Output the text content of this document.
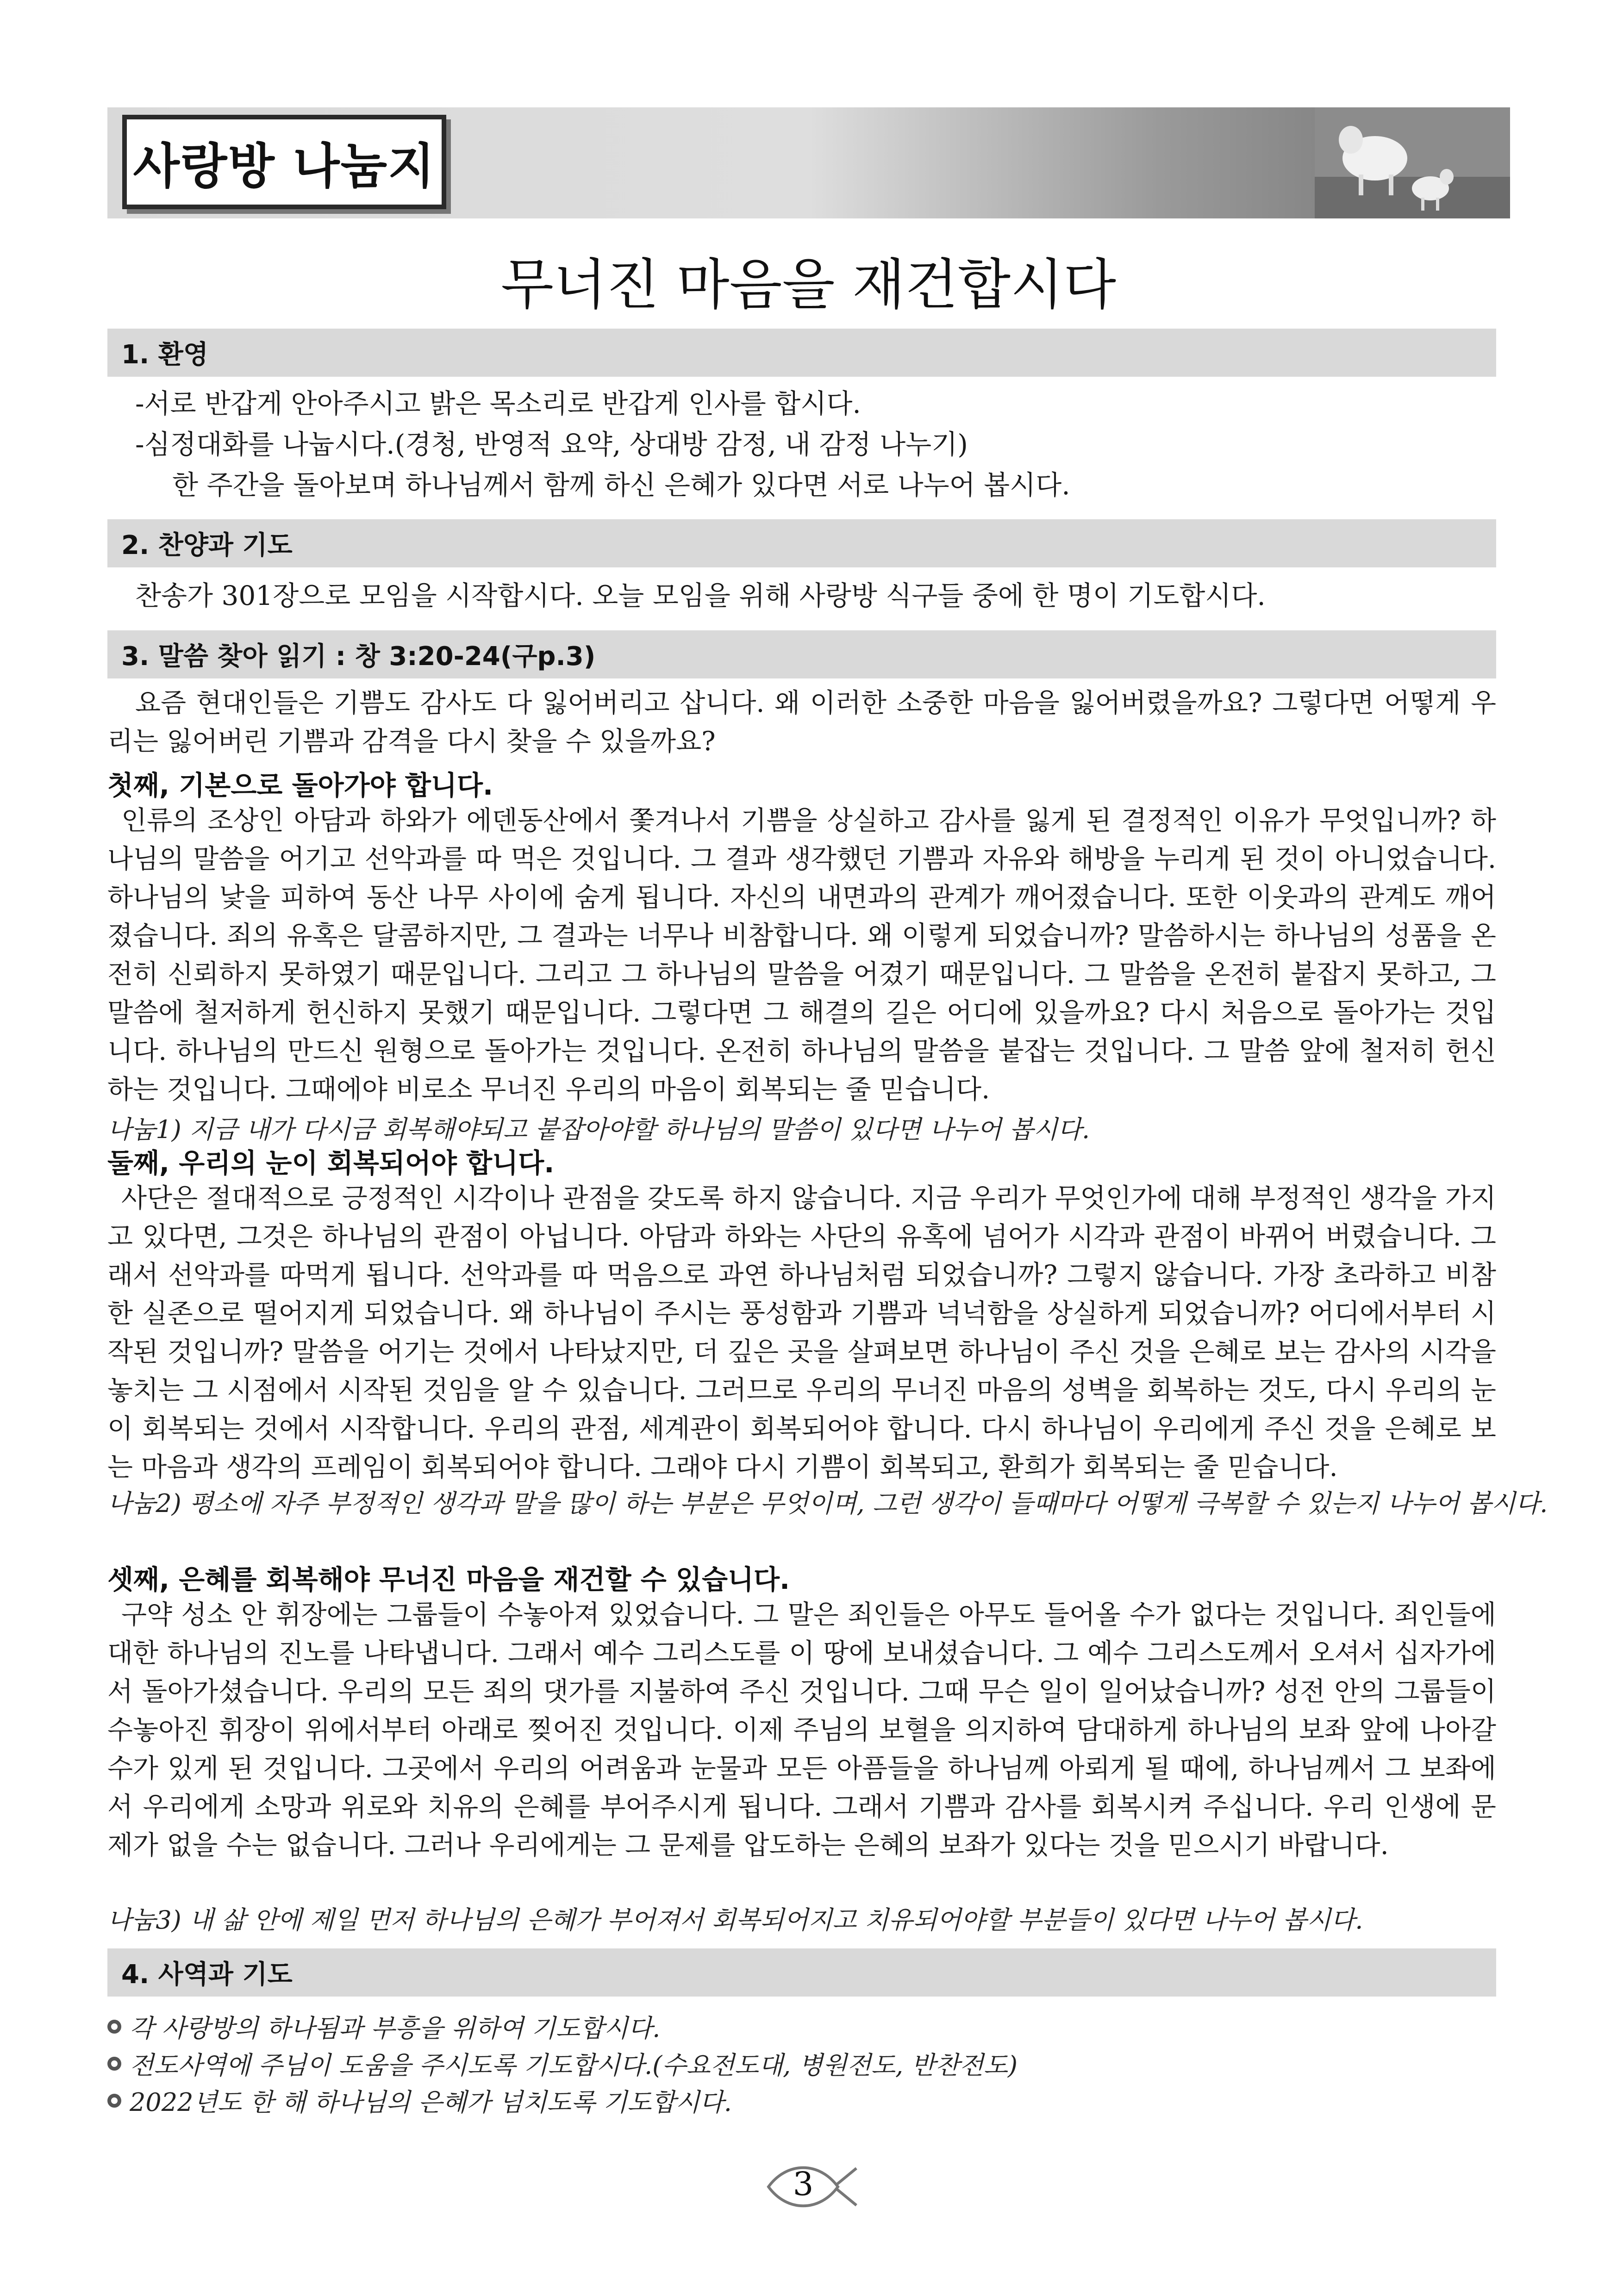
사랑방 나눔지
무너진 마음을 재건합시다
1. 환영

-서로 반갑게 안아주시고 밝은 목소리로 반갑게 인사를 합시다.

-심정대화를 나눕시다.(경청, 반영적 요약, 상대방 감정, 내 감정 나누기)

한 주간을 돌아보며 하나님께서 함께 하신 은혜가 있다면 서로 나누어 봅시다.

2. 찬양과 기도

찬송가 301장으로 모임을 시작합시다. 오늘 모임을 위해 사랑방 식구들 중에 한 명이 기도합시다.

3. 말씀 찾아 읽기 : 창 3:20-24(구p.3)

요즘 현대인들은 기쁨도 감사도 다 잃어버리고 삽니다. 왜 이러한 소중한 마음을 잃어버렸을까요? 그렇다면 어떻게 우리는 잃어버린 기쁨과 감격을 다시 찾을 수 있을까요?

첫째, 기본으로 돌아가야 합니다.

인류의 조상인 아담과 하와가 에덴동산에서 쫓겨나서 기쁨을 상실하고 감사를 잃게 된 결정적인 이유가 무엇입니까? 하나님의 말씀을 어기고 선악과를 따 먹은 것입니다. 그 결과 생각했던 기쁨과 자유와 해방을 누리게 된 것이 아니었습니다. 하나님의 낯을 피하여 동산 나무 사이에 숨게 됩니다. 자신의 내면과의 관계가 깨어졌습니다. 또한 이웃과의 관계도 깨어졌습니다. 죄의 유혹은 달콤하지만, 그 결과는 너무나 비참합니다. 왜 이렇게 되었습니까? 말씀하시는 하나님의 성품을 온전히 신뢰하지 못하였기 때문입니다. 그리고 그 하나님의 말씀을 어겼기 때문입니다. 그 말씀을 온전히 붙잡지 못하고, 그 말씀에 철저하게 헌신하지 못했기 때문입니다. 그렇다면 그 해결의 길은 어디에 있을까요? 다시 처음으로 돌아가는 것입니다. 하나님의 만드신 원형으로 돌아가는 것입니다. 온전히 하나님의 말씀을 붙잡는 것입니다. 그 말씀 앞에 철저히 헌신하는 것입니다. 그때에야 비로소 무너진 우리의 마음이 회복되는 줄 믿습니다.

나눔1) 지금 내가 다시금 회복해야되고 붙잡아야할 하나님의 말씀이 있다면 나누어 봅시다.

둘째, 우리의 눈이 회복되어야 합니다.

사단은 절대적으로 긍정적인 시각이나 관점을 갖도록 하지 않습니다. 지금 우리가 무엇인가에 대해 부정적인 생각을 가지고 있다면, 그것은 하나님의 관점이 아닙니다. 아담과 하와는 사단의 유혹에 넘어가 시각과 관점이 바뀌어 버렸습니다. 그래서 선악과를 따먹게 됩니다. 선악과를 따 먹음으로 과연 하나님처럼 되었습니까? 그렇지 않습니다. 가장 초라하고 비참한 실존으로 떨어지게 되었습니다. 왜 하나님이 주시는 풍성함과 기쁨과 넉넉함을 상실하게 되었습니까? 어디에서부터 시작된 것입니까? 말씀을 어기는 것에서 나타났지만, 더 깊은 곳을 살펴보면 하나님이 주신 것을 은혜로 보는 감사의 시각을 놓치는 그 시점에서 시작된 것임을 알 수 있습니다. 그러므로 우리의 무너진 마음의 성벽을 회복하는 것도, 다시 우리의 눈이 회복되는 것에서 시작합니다. 우리의 관점, 세계관이 회복되어야 합니다. 다시 하나님이 우리에게 주신 것을 은혜로 보는 마음과 생각의 프레임이 회복되어야 합니다. 그래야 다시 기쁨이 회복되고, 환희가 회복되는 줄 믿습니다.

나눔2) 평소에 자주 부정적인 생각과 말을 많이 하는 부분은 무엇이며, 그런 생각이 들때마다 어떻게 극복할 수 있는지 나누어 봅시다.

셋째, 은혜를 회복해야 무너진 마음을 재건할 수 있습니다.

구약 성소 안 휘장에는 그룹들이 수놓아져 있었습니다. 그 말은 죄인들은 아무도 들어올 수가 없다는 것입니다. 죄인들에 대한 하나님의 진노를 나타냅니다. 그래서 예수 그리스도를 이 땅에 보내셨습니다. 그 예수 그리스도께서 오셔서 십자가에서 돌아가셨습니다. 우리의 모든 죄의 댓가를 지불하여 주신 것입니다. 그때 무슨 일이 일어났습니까? 성전 안의 그룹들이 수놓아진 휘장이 위에서부터 아래로 찢어진 것입니다. 이제 주님의 보혈을 의지하여 담대하게 하나님의 보좌 앞에 나아갈 수가 있게 된 것입니다. 그곳에서 우리의 어려움과 눈물과 모든 아픔들을 하나님께 아뢰게 될 때에, 하나님께서 그 보좌에서 우리에게 소망과 위로와 치유의 은혜를 부어주시게 됩니다. 그래서 기쁨과 감사를 회복시켜 주십니다. 우리 인생에 문제가 없을 수는 없습니다. 그러나 우리에게는 그 문제를 압도하는 은혜의 보좌가 있다는 것을 믿으시기 바랍니다.

나눔3) 내 삶 안에 제일 먼저 하나님의 은혜가 부어져서 회복되어지고 치유되어야할 부분들이 있다면 나누어 봅시다.

4. 사역과 기도
각 사랑방의 하나됨과 부흥을 위하여 기도합시다.
전도사역에 주님이 도움을 주시도록 기도합시다.(수요전도대, 병원전도, 반찬전도)
2022년도 한 해 하나님의 은혜가 넘치도록 기도합시다.
3
